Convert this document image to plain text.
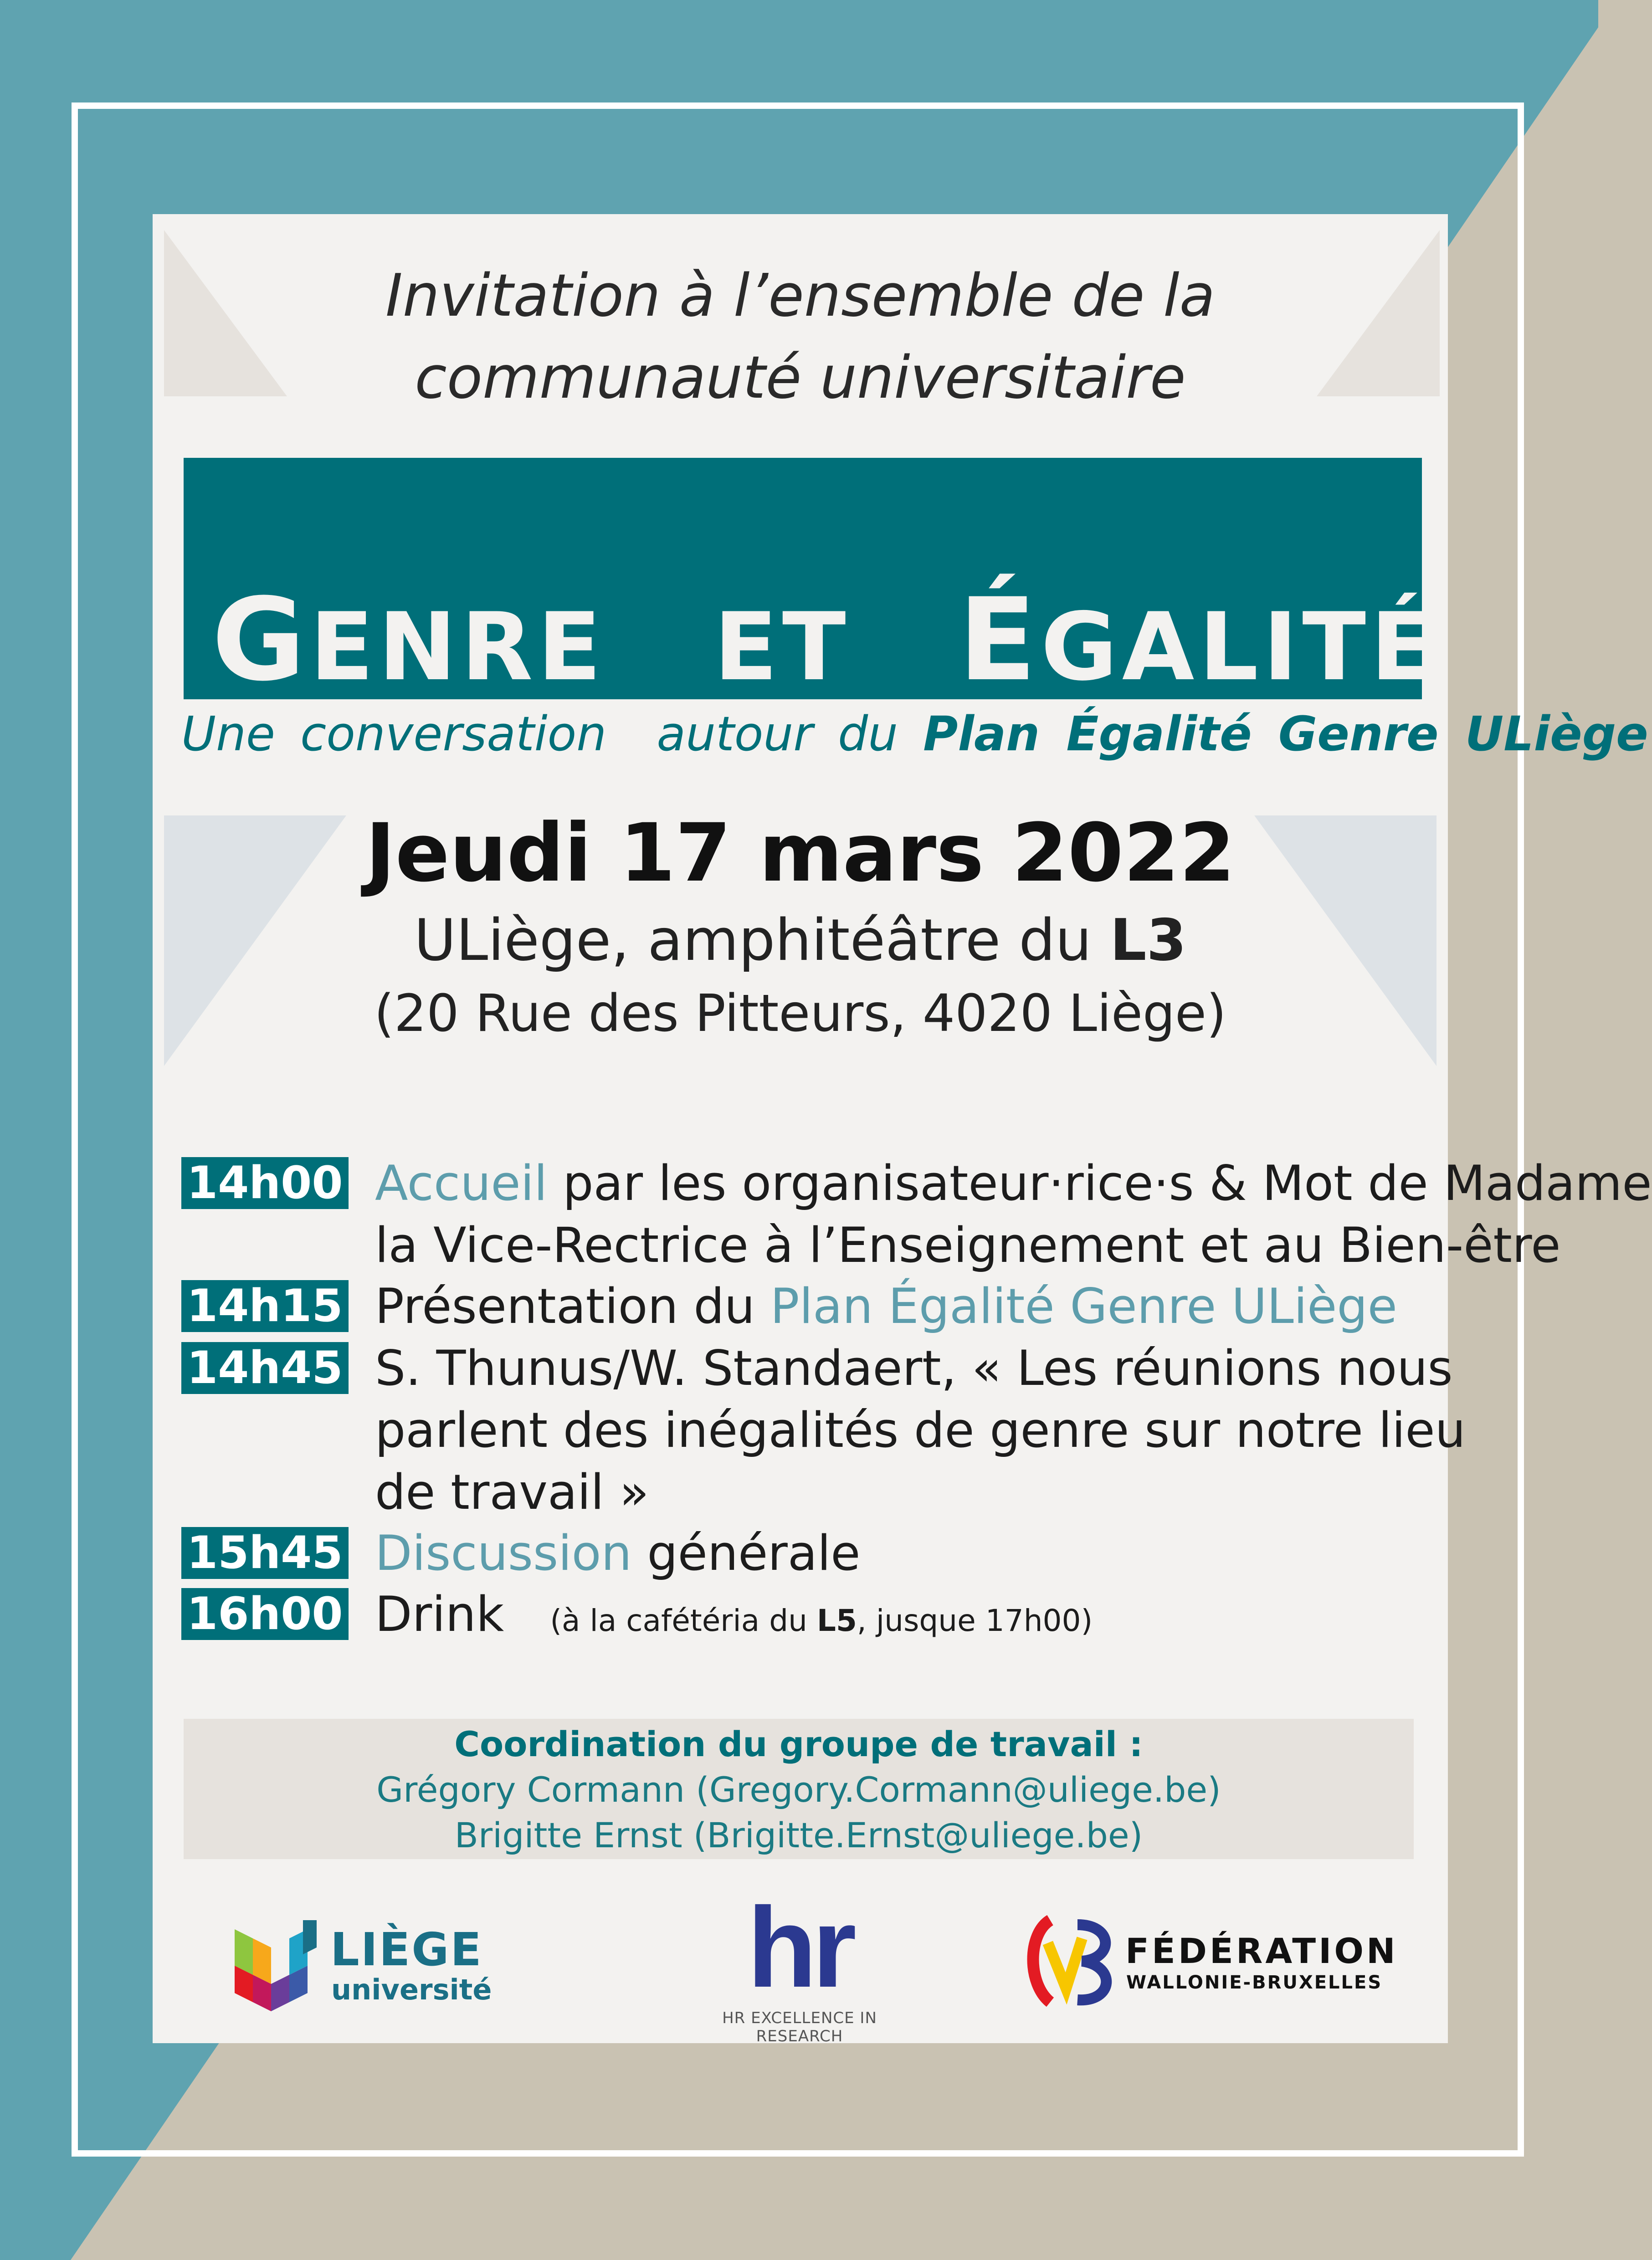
Invitation à l’ensemble de la
communauté universitaire
GENRE ET ÉGALITÉ
Une conversation  autour du Plan Égalité Genre ULiège
Jeudi 17 mars 2022
ULiège, amphitéâtre du L3
(20 Rue des Pitteurs, 4020 Liège)
14h00 Accueil par les organisateur·rice·s & Mot de Madame
la Vice-Rectrice à l’Enseignement et au Bien-être
14h15 Présentation du Plan Égalité Genre ULiège
14h45 S. Thunus/W. Standaert, « Les réunions nous
parlent des inégalités de genre sur notre lieu
de travail »
15h45 Discussion générale
16h00 Drink (à la cafétéria du L5, jusque 17h00)
Coordination du groupe de travail :
Grégory Cormann (Gregory.Cormann@uliege.be)
Brigitte Ernst (Brigitte.Ernst@uliege.be)
LIÈGE
université	hr
HR EXCELLENCE IN RESEARCH
FÉDÉRATION
WALLONIE-BRUXELLES
